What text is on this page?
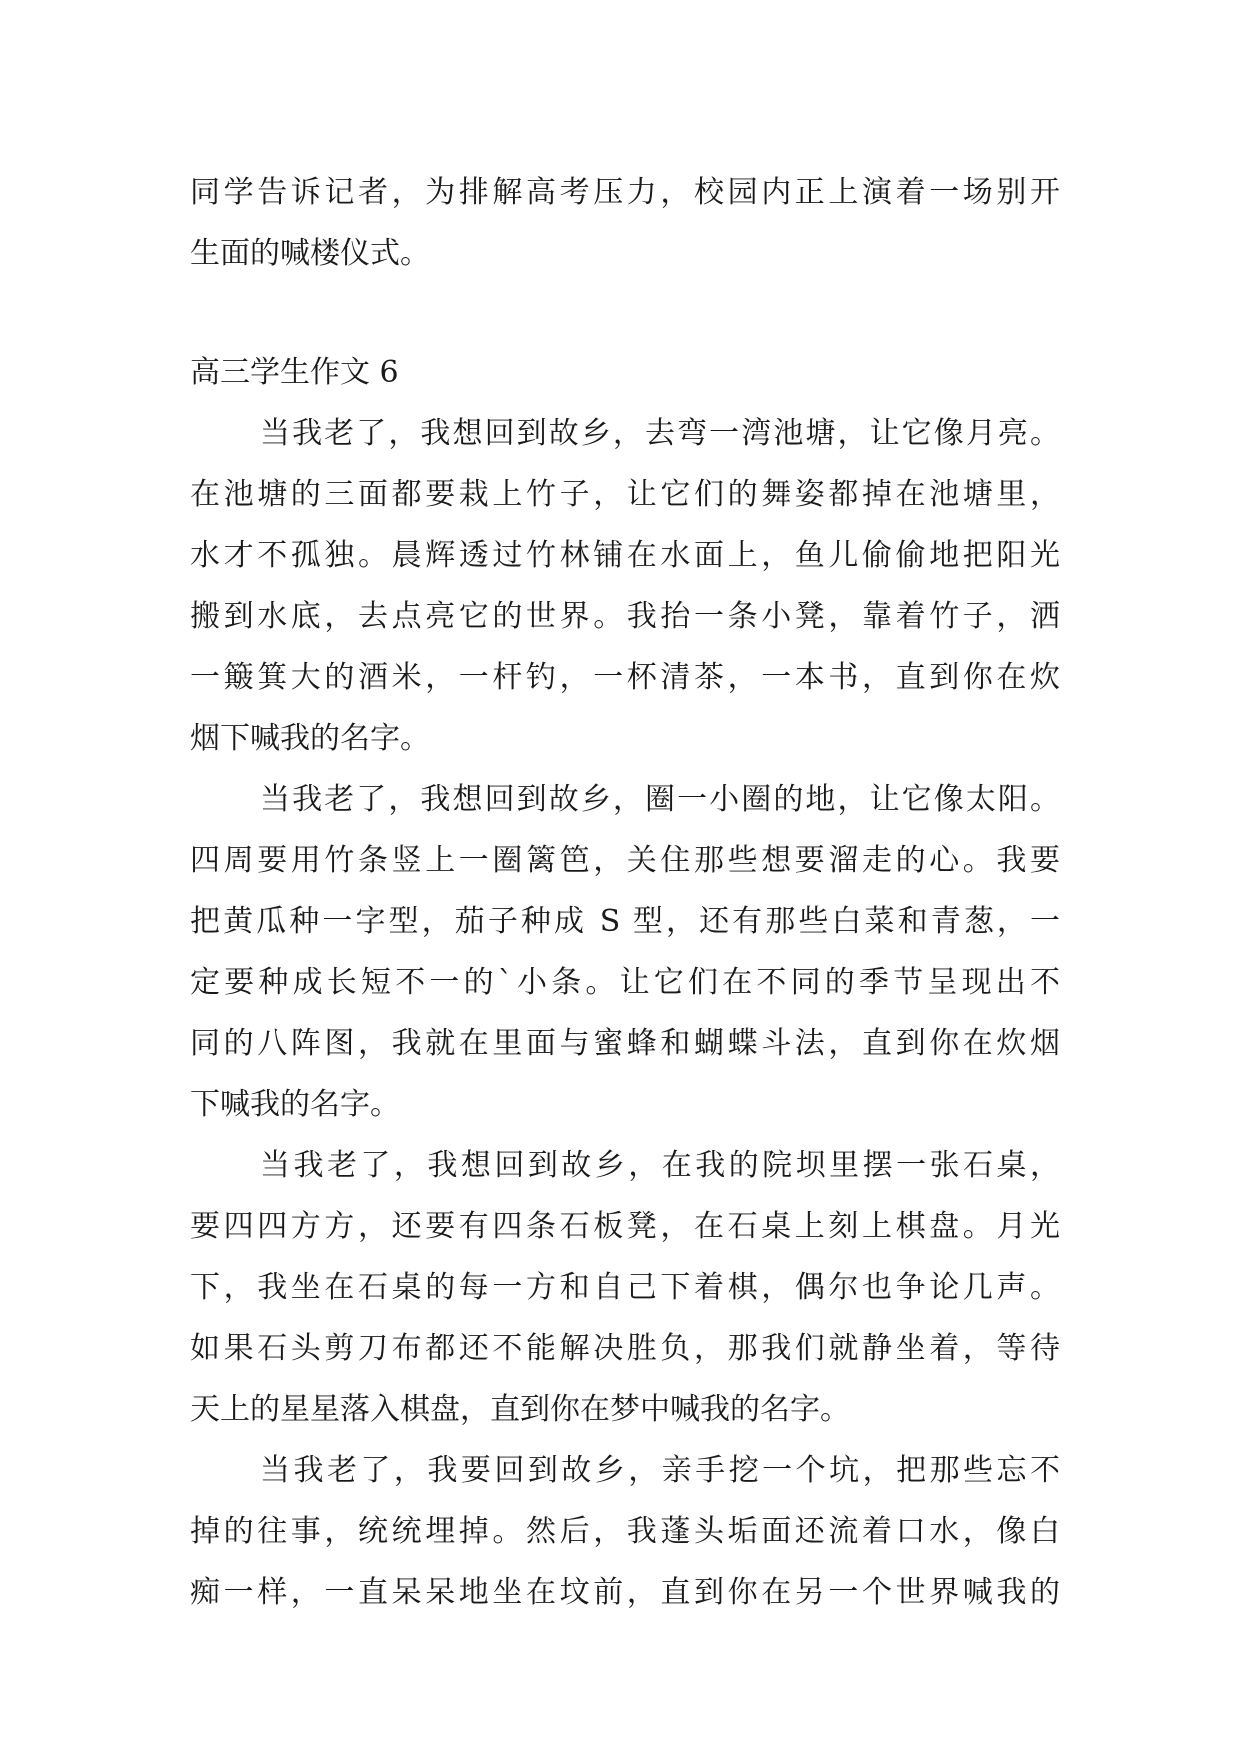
同学告诉记者，为排解高考压力，校园内正上演着一场别开
生面的喊楼仪式。
高三学生作文 6
当我老了，我想回到故乡，去弯一湾池塘，让它像月亮。
在池塘的三面都要栽上竹子，让它们的舞姿都掉在池塘里，
水才不孤独。晨辉透过竹林铺在水面上，鱼儿偷偷地把阳光
搬到水底，去点亮它的世界。我抬一条小凳，靠着竹子，洒
一簸箕大的酒米，一杆钓，一杯清茶，一本书，直到你在炊
烟下喊我的名字。
当我老了，我想回到故乡，圈一小圈的地，让它像太阳。
四周要用竹条竖上一圈篱笆，关住那些想要溜走的心。我要
把黄瓜种一字型，茄子种成 S 型，还有那些白菜和青葱，一
定要种成长短不一的`小条。让它们在不同的季节呈现出不
同的八阵图，我就在里面与蜜蜂和蝴蝶斗法，直到你在炊烟
下喊我的名字。
当我老了，我想回到故乡，在我的院坝里摆一张石桌，
要四四方方，还要有四条石板凳，在石桌上刻上棋盘。月光
下，我坐在石桌的每一方和自己下着棋，偶尔也争论几声。
如果石头剪刀布都还不能解决胜负，那我们就静坐着，等待
天上的星星落入棋盘，直到你在梦中喊我的名字。
当我老了，我要回到故乡，亲手挖一个坑，把那些忘不
掉的往事，统统埋掉。然后，我蓬头垢面还流着口水，像白
痴一样，一直呆呆地坐在坟前，直到你在另一个世界喊我的
